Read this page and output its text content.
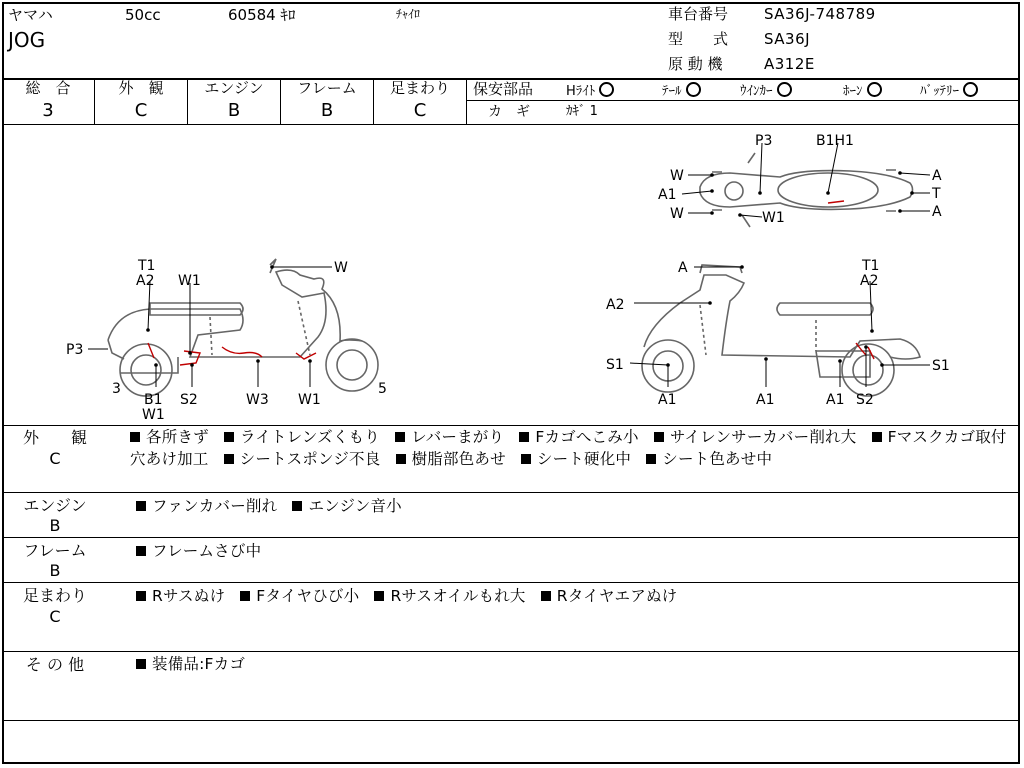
ヤマハ	50cc	60584 ｷﾛ	ﾁｬｲﾛ
JOG
車台番号 SA36J-748789
型　　式 SA36J
原 動 機	A312E
総　合
3
外　観
C
エンジン
B
フレーム
B
足まわり
C
保安部品	Hﾗｲﾄ	ﾃｰﾙ	ｳｲﾝｶｰ	ﾎｰﾝ	ﾊﾞｯﾃﾘｰ
カ　ギ	ｶｷﾞ 1
P3	B1H1
W
A1
W	W1
A
T
A
T1
A2 W1
W
P3
3
B1
W1
S2	W3 W1
5
A	T1
A2
A2
S1	S1
A1	A1	A1 S2
外　　観
C
各所きず ライトレンズくもり レバーまがり Fカゴへこみ小 サイレンサーカバー削れ大 Fマスクカゴ取付穴あけ加工 シートスポンジ不良 樹脂部色あせ シート硬化中 シート色あせ中
エンジン
B
ファンカバー削れ エンジン音小
フレーム
B
フレームさび中
足まわり
C
Rサスぬけ Fタイヤひび小 Rサスオイルもれ大 Rタイヤエアぬけ
そ の 他	装備品:Fカゴ
